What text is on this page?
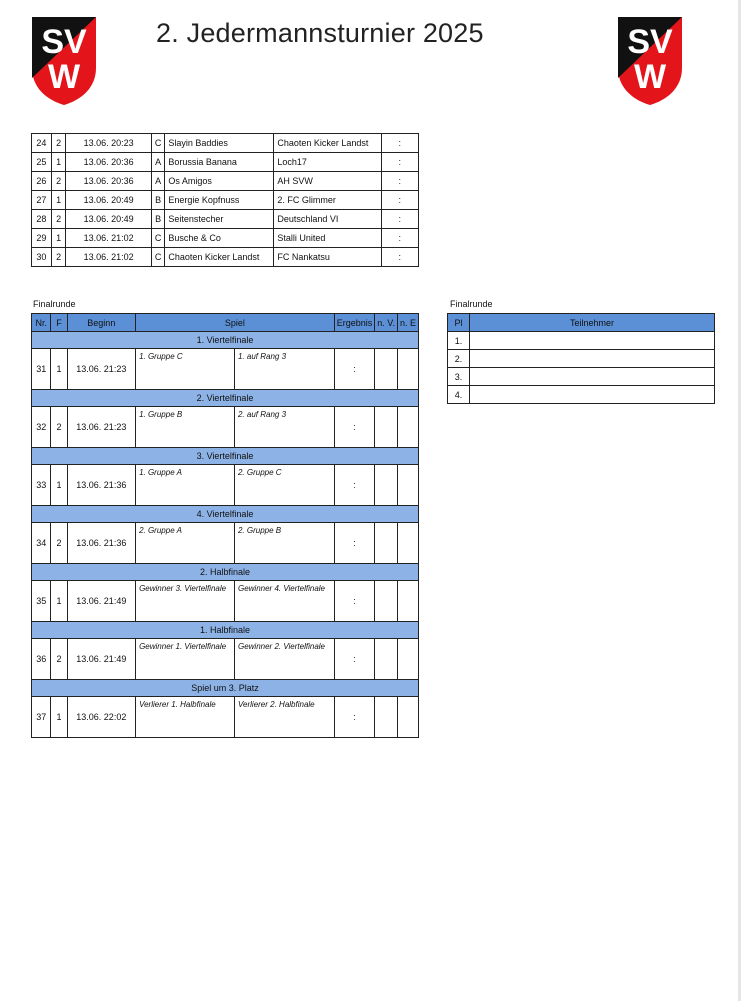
SV
W
SV
W
2. Jedermannsturnier 2025
24	2	13.06. 20:23	C	Slayin Baddies	Chaoten Kicker Landst	:
25	1	13.06. 20:36	A	Borussia Banana	Loch17	:
26	2	13.06. 20:36	A	Os Amigos	AH SVW	:
27	1	13.06. 20:49	B	Energie Kopfnuss	2. FC Glimmer	:
28	2	13.06. 20:49	B	Seitenstecher	Deutschland VI	:
29	1	13.06. 21:02	C	Busche & Co	Stalli United	:
30	2	13.06. 21:02	C	Chaoten Kicker Landst	FC Nankatsu	:
Finalrunde
Nr.	F	Beginn	Spiel		Ergebnis	n. V.	n. E
1. Viertelfinale							
31	1	13.06. 21:23	1. Gruppe C	1. auf Rang 3	:		
2. Viertelfinale							
32	2	13.06. 21:23	1. Gruppe B	2. auf Rang 3	:		
3. Viertelfinale							
33	1	13.06. 21:36	1. Gruppe A	2. Gruppe C	:		
4. Viertelfinale							
34	2	13.06. 21:36	2. Gruppe A	2. Gruppe B	:		
2. Halbfinale							
35	1	13.06. 21:49	Gewinner 3. Viertelfinale	Gewinner 4. Viertelfinale	:		
1. Halbfinale							
36	2	13.06. 21:49	Gewinner 1. Viertelfinale	Gewinner 2. Viertelfinale	:		
Spiel um 3. Platz							
37	1	13.06. 22:02	Verlierer 1. Halbfinale	Verlierer 2. Halbfinale	:		
Finalrunde
Pl	Teilnehmer
1.	
2.	
3.	
4.	
